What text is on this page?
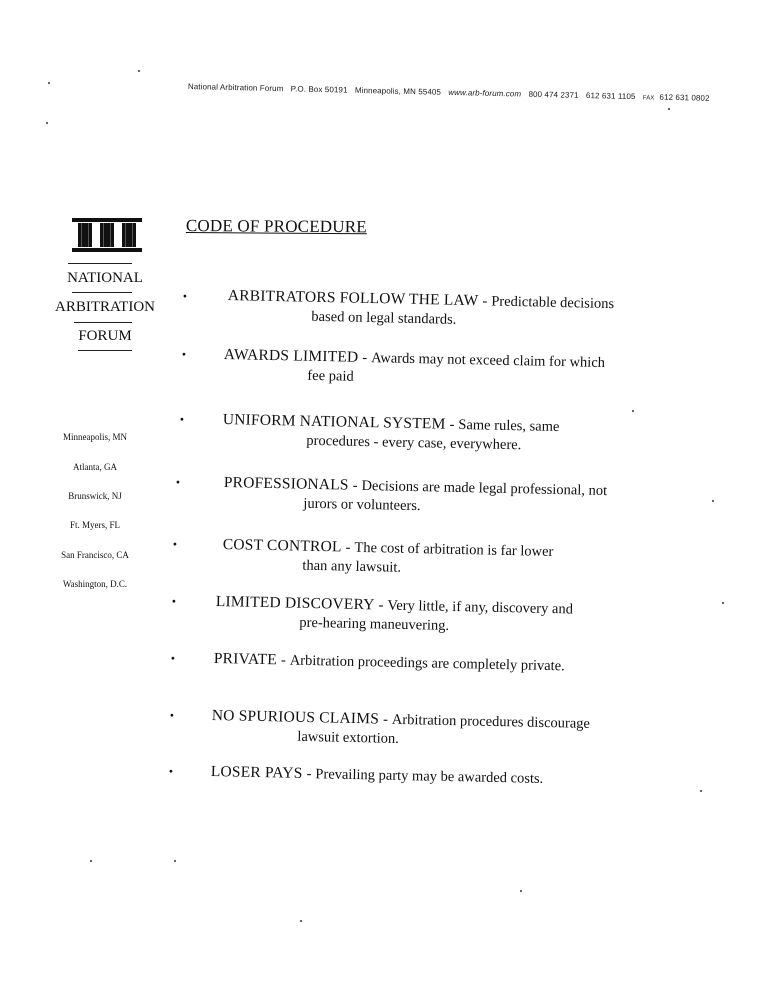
National Arbitration Forum P.O. Box 50191 Minneapolis, MN 55405 www.arb-forum.com 800 474 2371 612 631 1105 FAX 612 631 0802
NATIONAL
ARBITRATION
FORUM
Minneapolis, MN
Atlanta, GA
Brunswick, NJ
Ft. Myers, FL
San Francisco, CA
Washington, D.C.
CODE OF PROCEDURE
•	ARBITRATORS FOLLOW THE LAW - Predictable decisions
based on legal standards.
• AWARDS LIMITED - Awards may not exceed claim for which
fee paid
• UNIFORM NATIONAL SYSTEM - Same rules, same
procedures - every case, everywhere.
•	PROFESSIONALS - Decisions are made legal professional, not
jurors or volunteers.
•	COST CONTROL - The cost of arbitration is far lower
than any lawsuit.
•	LIMITED DISCOVERY - Very little, if any, discovery and
pre-hearing maneuvering.
• PRIVATE - Arbitration proceedings are completely private.
• NO SPURIOUS CLAIMS - Arbitration procedures discourage
lawsuit extortion.
• LOSER PAYS - Prevailing party may be awarded costs.
